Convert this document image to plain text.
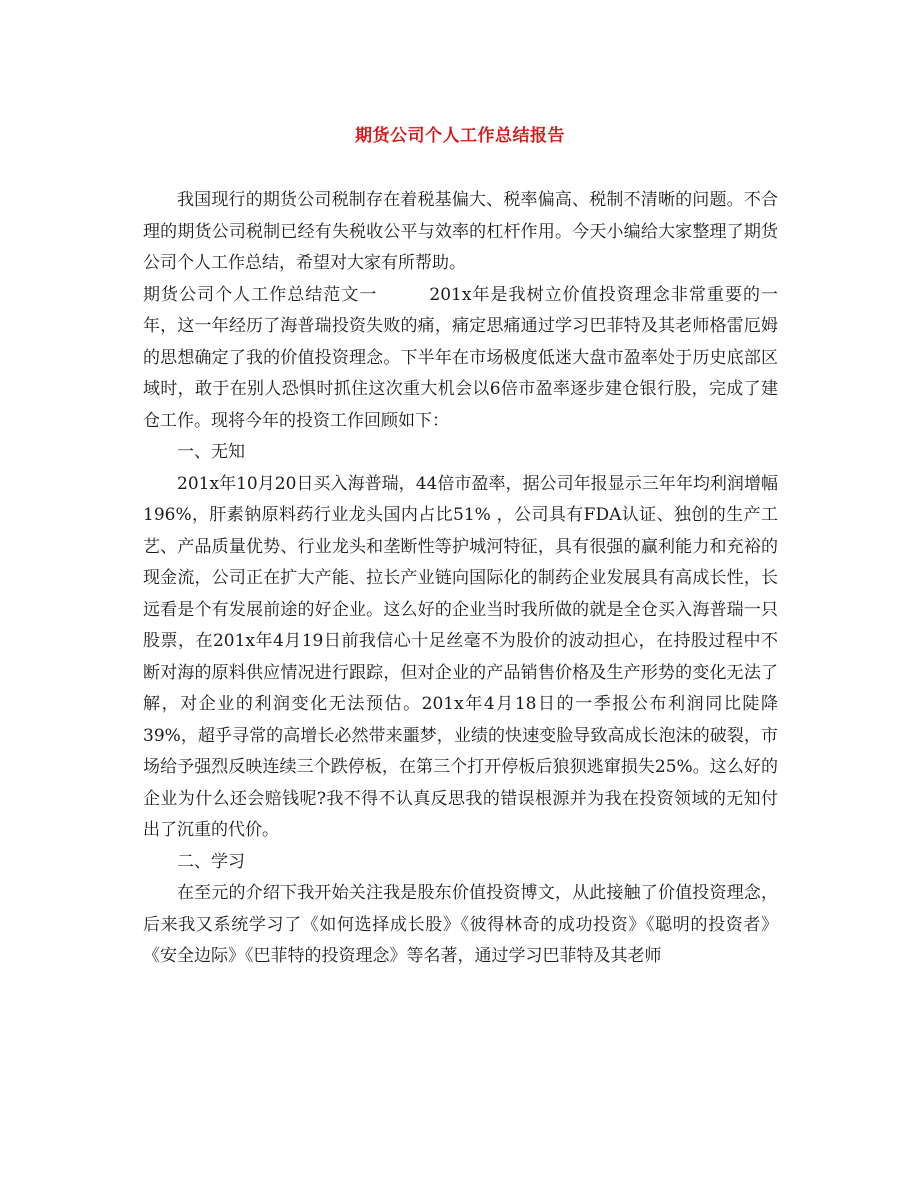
期货公司个人工作总结报告

我国现行的期货公司税制存在着税基偏大、税率偏高、税制不清晰的问题。不合理的期货公司税制已经有失税收公平与效率的杠杆作用。今天小编给大家整理了期货公司个人工作总结，希望对大家有所帮助。

期货公司个人工作总结范文一	201x年是我树立价值投资理念非常重要的一年，这一年经历了海普瑞投资失败的痛，痛定思痛通过学习巴菲特及其老师格雷厄姆的思想确定了我的价值投资理念。下半年在市场极度低迷大盘市盈率处于历史底部区域时，敢于在别人恐惧时抓住这次重大机会以6倍市盈率逐步建仓银行股，完成了建仓工作。现将今年的投资工作回顾如下：

一、无知

201x年10月20日买入海普瑞，44倍市盈率，据公司年报显示三年年均利润增幅196%，肝素钠原料药行业龙头国内占比51% ，公司具有FDA认证、独创的生产工艺、产品质量优势、行业龙头和垄断性等护城河特征，具有很强的赢利能力和充裕的现金流，公司正在扩大产能、拉长产业链向国际化的制药企业发展具有高成长性，长远看是个有发展前途的好企业。这么好的企业当时我所做的就是全仓买入海普瑞一只股票，在201x年4月19日前我信心十足丝毫不为股价的波动担心，在持股过程中不断对海的原料供应情况进行跟踪，但对企业的产品销售价格及生产形势的变化无法了解，对企业的利润变化无法预估。201x年4月18日的一季报公布利润同比陡降39%，超乎寻常的高增长必然带来噩梦，业绩的快速变脸导致高成长泡沫的破裂，市场给予强烈反映连续三个跌停板，在第三个打开停板后狼狈逃窜损失25%。这么好的企业为什么还会赔钱呢?我不得不认真反思我的错误根源并为我在投资领域的无知付出了沉重的代价。

二、学习

在至元的介绍下我开始关注我是股东价值投资博文，从此接触了价值投资理念，后来我又系统学习了《如何选择成长股》《彼得林奇的成功投资》《聪明的投资者》《安全边际》《巴菲特的投资理念》等名著，通过学习巴菲特及其老师
